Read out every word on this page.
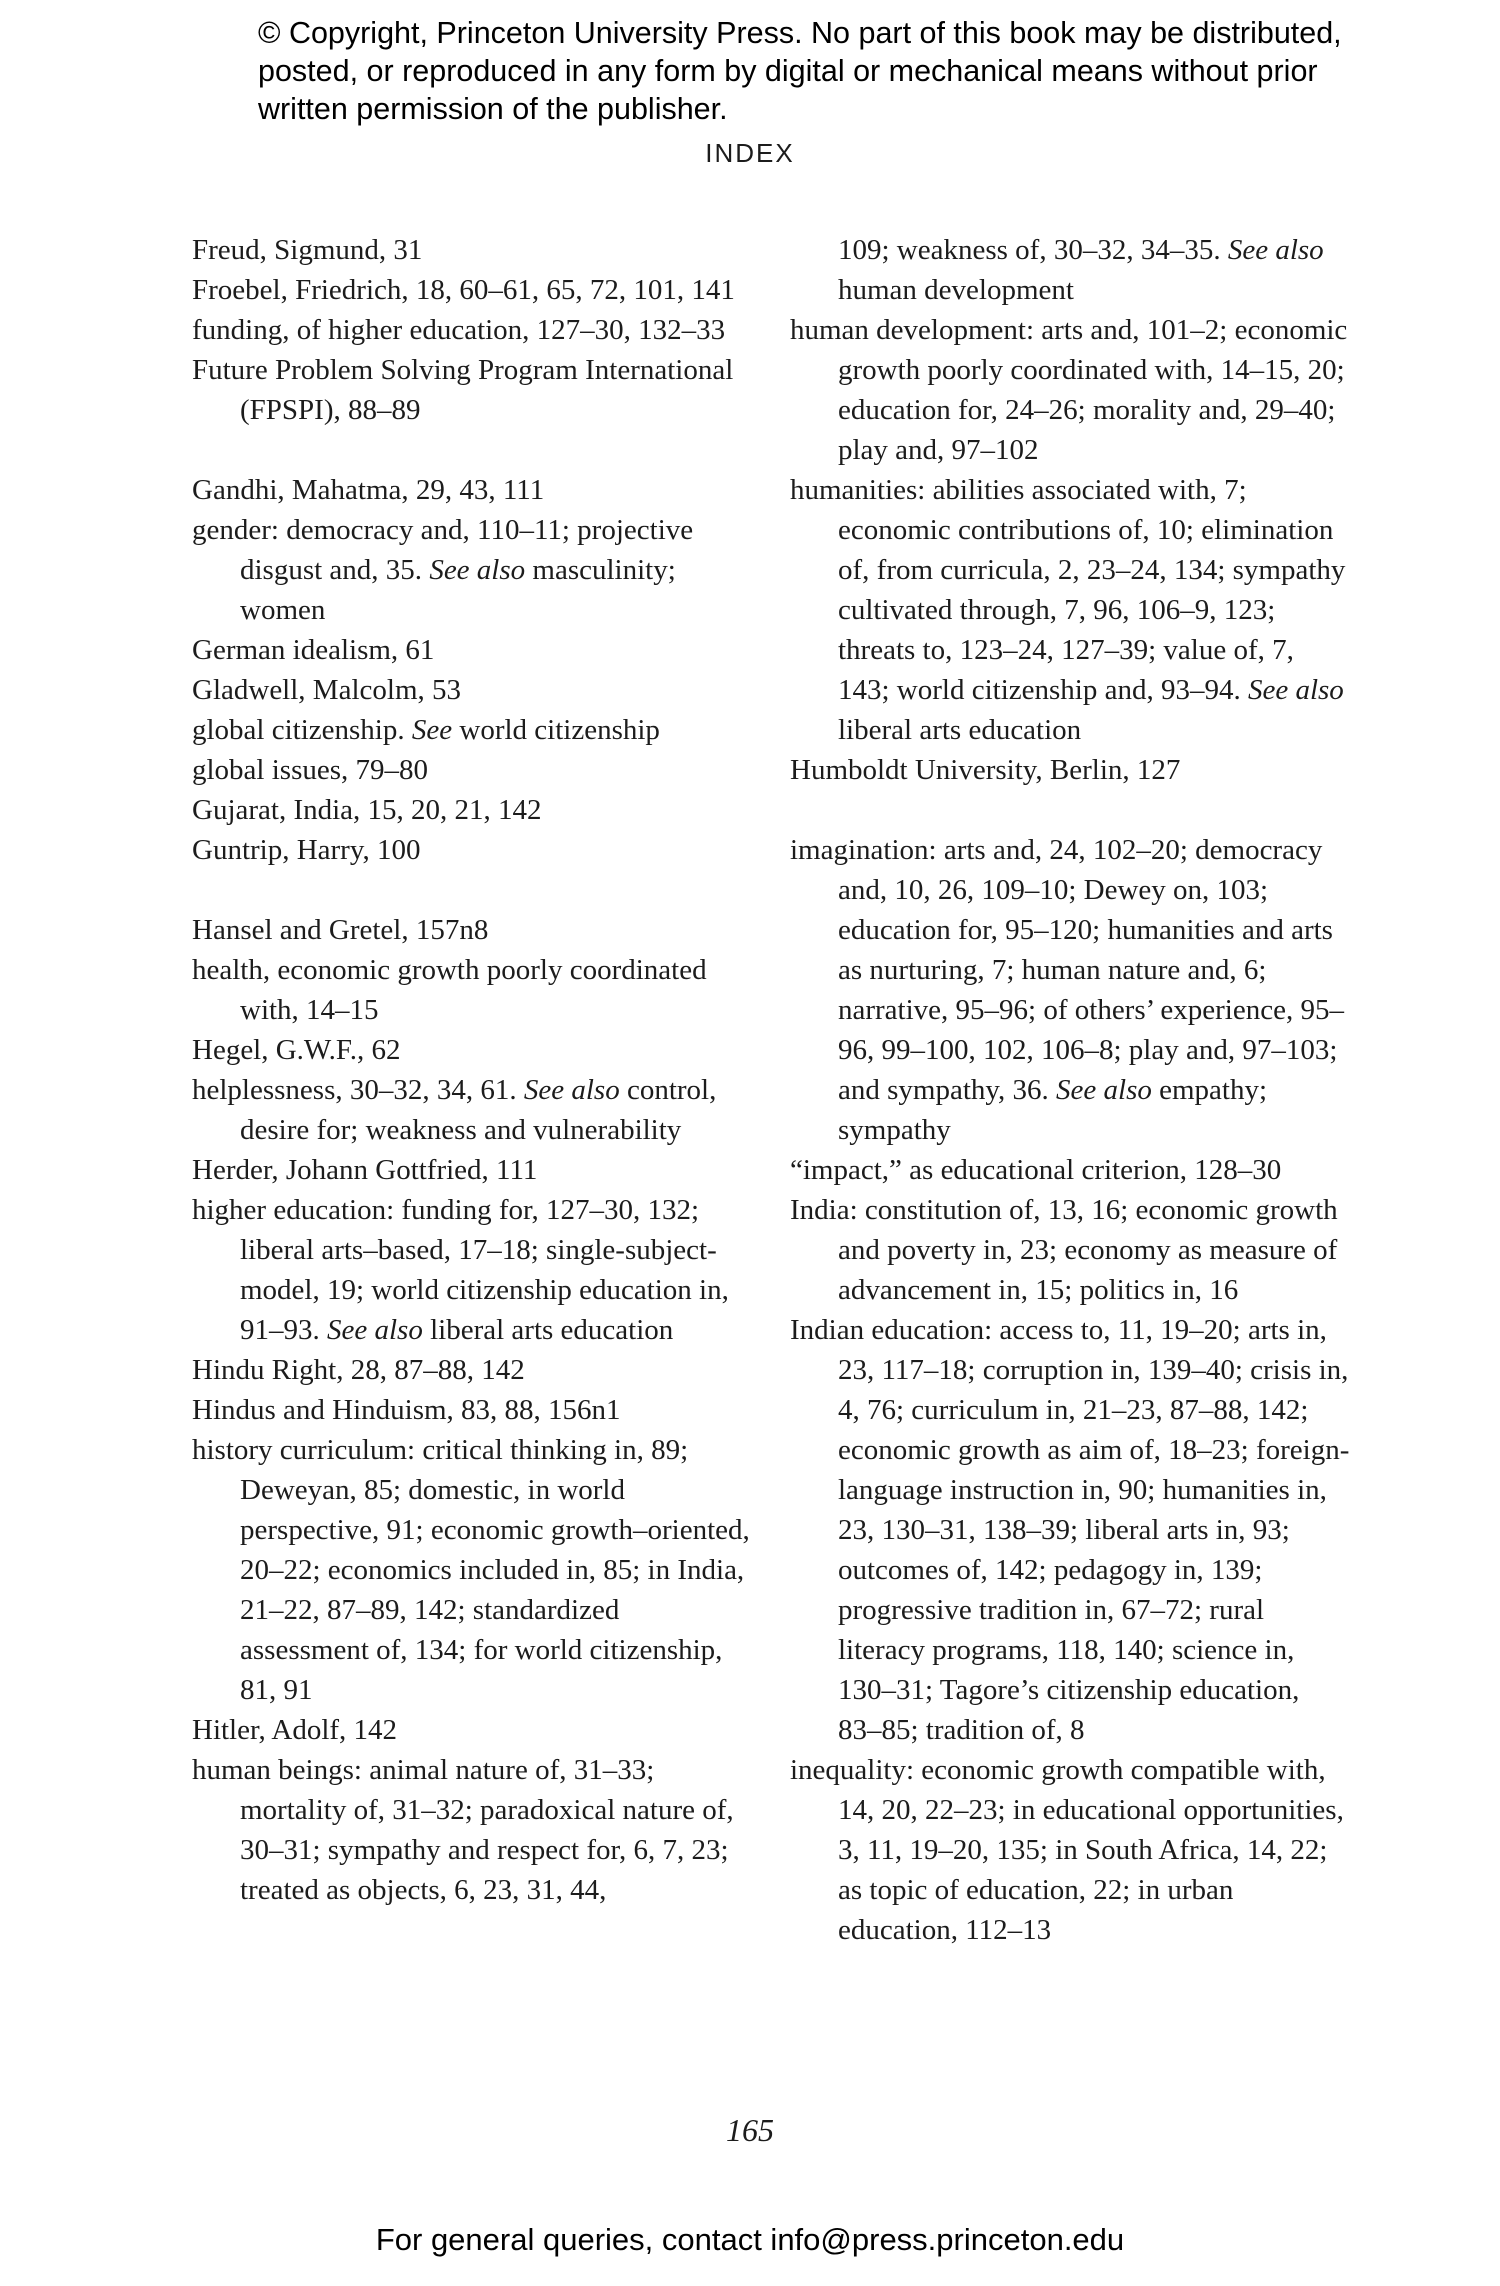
© Copyright, Princeton University Press. No part of this book may be distributed, posted, or reproduced in any form by digital or mechanical means without prior written permission of the publisher.
INDEX
Freud, Sigmund, 31
Froebel, Friedrich, 18, 60–61, 65, 72, 101, 141
funding, of higher education, 127–30, 132–33
Future Problem Solving Program International (FPSPI), 88–89
Gandhi, Mahatma, 29, 43, 111
gender: democracy and, 110–11; projective disgust and, 35. See also masculinity; women
German idealism, 61
Gladwell, Malcolm, 53
global citizenship. See world citizenship
global issues, 79–80
Gujarat, India, 15, 20, 21, 142
Guntrip, Harry, 100
Hansel and Gretel, 157n8
health, economic growth poorly coordinated with, 14–15
Hegel, G.W.F., 62
helplessness, 30–32, 34, 61. See also control, desire for; weakness and vulnerability
Herder, Johann Gottfried, 111
higher education: funding for, 127–30, 132; liberal arts–based, 17–18; single-subject-model, 19; world citizenship education in, 91–93. See also liberal arts education
Hindu Right, 28, 87–88, 142
Hindus and Hinduism, 83, 88, 156n1
history curriculum: critical thinking in, 89; Deweyan, 85; domestic, in world perspective, 91; economic growth–oriented, 20–22; economics included in, 85; in India, 21–22, 87–89, 142; standardized assessment of, 134; for world citizenship, 81, 91
Hitler, Adolf, 142
human beings: animal nature of, 31–33; mortality of, 31–32; paradoxical nature of, 30–31; sympathy and respect for, 6, 7, 23; treated as objects, 6, 23, 31, 44,
109; weakness of, 30–32, 34–35. See also human development
human development: arts and, 101–2; economic growth poorly coordinated with, 14–15, 20; education for, 24–26; morality and, 29–40; play and, 97–102
humanities: abilities associated with, 7; economic contributions of, 10; elimination of, from curricula, 2, 23–24, 134; sympathy cultivated through, 7, 96, 106–9, 123; threats to, 123–24, 127–39; value of, 7, 143; world citizenship and, 93–94. See also liberal arts education
Humboldt University, Berlin, 127
imagination: arts and, 24, 102–20; democracy and, 10, 26, 109–10; Dewey on, 103; education for, 95–120; humanities and arts as nurturing, 7; human nature and, 6; narrative, 95–96; of others’ experience, 95–96, 99–100, 102, 106–8; play and, 97–103; and sympathy, 36. See also empathy; sympathy
“impact,” as educational criterion, 128–30
India: constitution of, 13, 16; economic growth and poverty in, 23; economy as measure of advancement in, 15; politics in, 16
Indian education: access to, 11, 19–20; arts in, 23, 117–18; corruption in, 139–40; crisis in, 4, 76; curriculum in, 21–23, 87–88, 142; economic growth as aim of, 18–23; foreign-language instruction in, 90; humanities in, 23, 130–31, 138–39; liberal arts in, 93; outcomes of, 142; pedagogy in, 139; progressive tradition in, 67–72; rural literacy programs, 118, 140; science in, 130–31; Tagore’s citizenship education, 83–85; tradition of, 8
inequality: economic growth compatible with, 14, 20, 22–23; in educational opportunities, 3, 11, 19–20, 135; in South Africa, 14, 22; as topic of education, 22; in urban education, 112–13
165
For general queries, contact info@press.princeton.edu
